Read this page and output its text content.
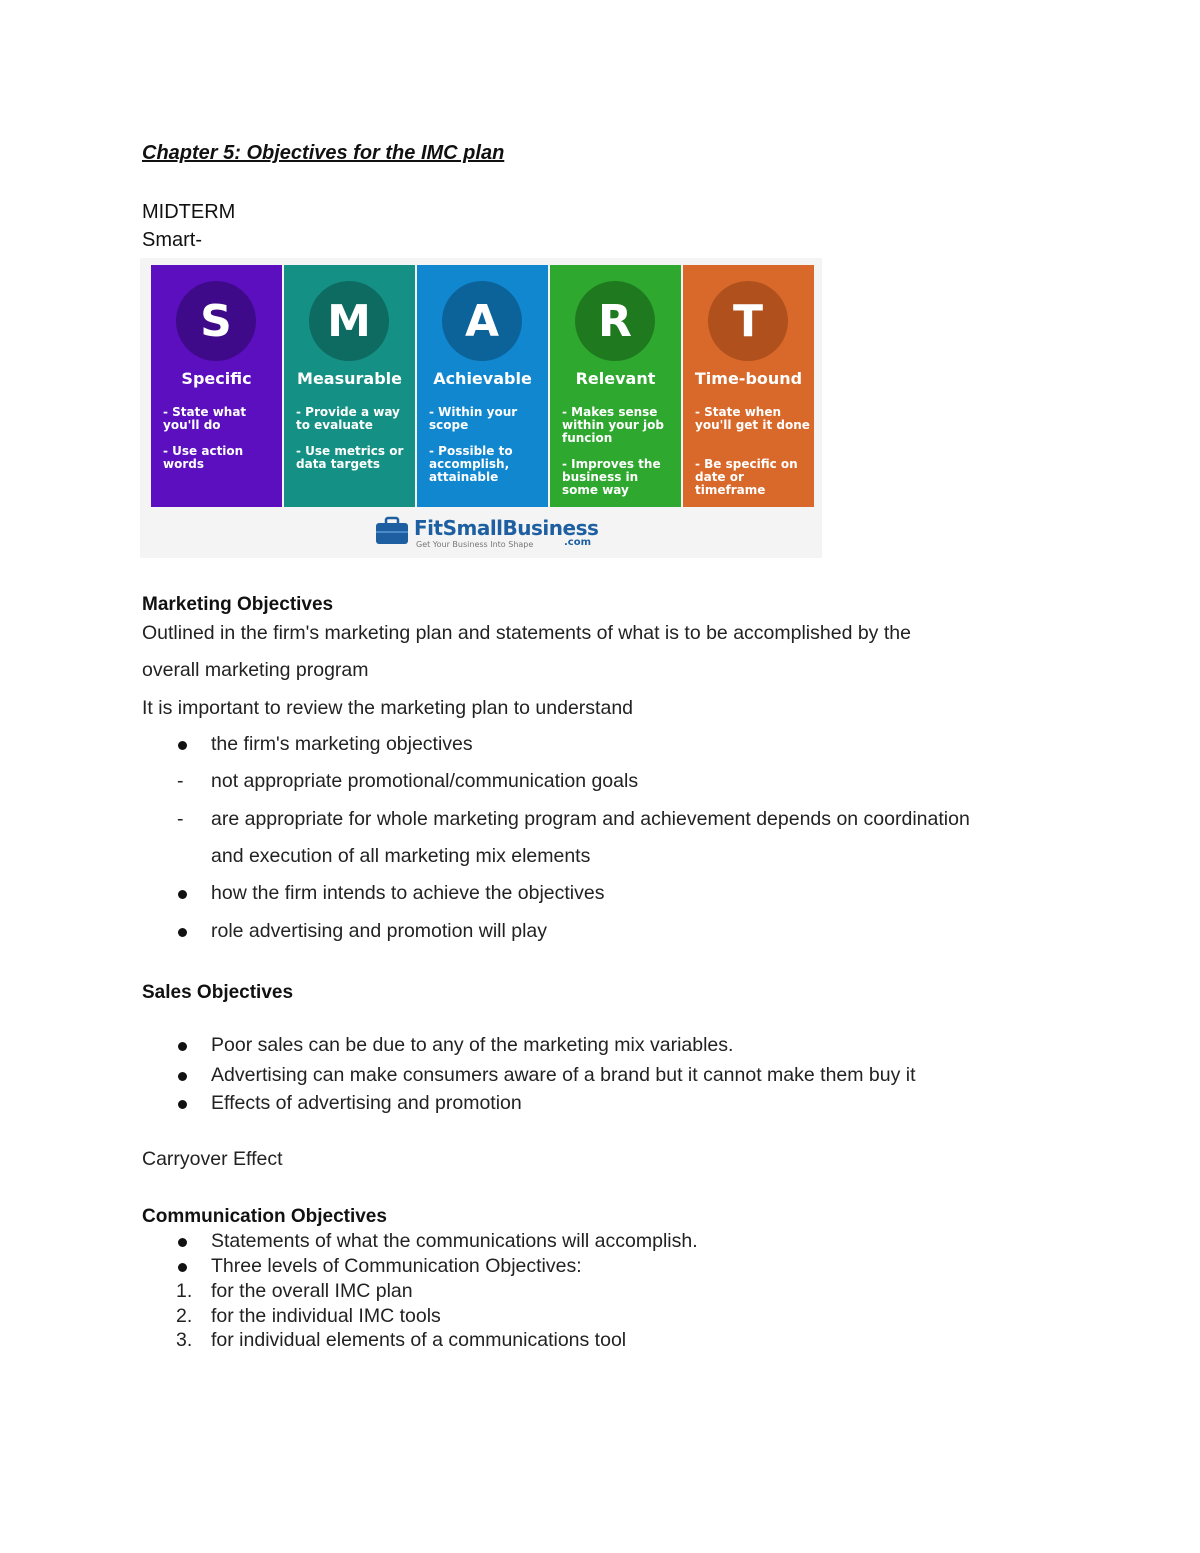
Chapter 5: Objectives for the IMC plan
MIDTERM
Smart-
S
Specific
- State what you'll do
- Use action words
M
Measurable
- Provide a way to evaluate
- Use metrics or data targets
A
Achievable
- Within your scope
- Possible to accomplish, attainable
R
Relevant
- Makes sense within your job funcion
- Improves the business in some way
T
Time-bound
- State when you'll get it done
- Be specific on date or timeframe
FitSmallBusiness
Get Your Business Into Shape	.com
Marketing Objectives
Outlined in the firm's marketing plan and statements of what is to be accomplished by the
overall marketing program
It is important to review the marketing plan to understand
the firm's marketing objectives
- not appropriate promotional/communication goals
- are appropriate for whole marketing program and achievement depends on coordination
and execution of all marketing mix elements
how the firm intends to achieve the objectives
role advertising and promotion will play
Sales Objectives
Poor sales can be due to any of the marketing mix variables.
Advertising can make consumers aware of a brand but it cannot make them buy it
Effects of advertising and promotion
Carryover Effect
Communication Objectives
Statements of what the communications will accomplish.
Three levels of Communication Objectives:
1. for the overall IMC plan
2. for the individual IMC tools
3. for individual elements of a communications tool
